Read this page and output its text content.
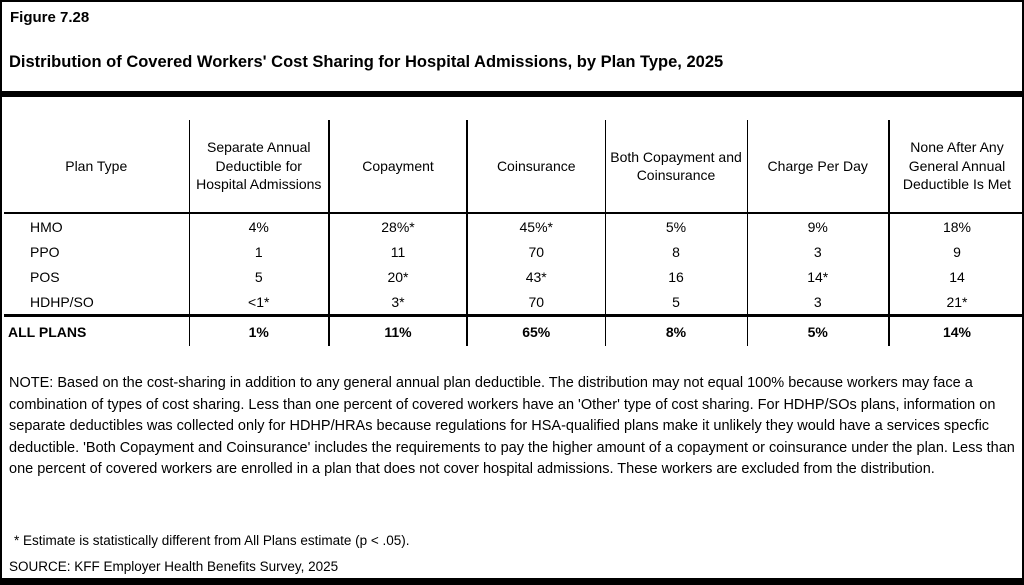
Figure 7.28
Distribution of Covered Workers' Cost Sharing for Hospital Admissions, by Plan Type, 2025
Plan Type	Separate Annual Deductible for Hospital Admissions	Copayment	Coinsurance	Both Copayment and Coinsurance	Charge Per Day	None After Any General Annual Deductible Is Met
HMO	4%	28%*	45%*	5%	9%	18%
PPO	1	11	70	8	3	9
POS	5	20*	43*	16	14*	14
HDHP/SO	<1*	3*	70	5	3	21*
ALL PLANS	1%	11%	65%	8%	5%	14%
NOTE: Based on the cost-sharing in addition to any general annual plan deductible. The distribution may not equal 100% because workers may face a combination of types of cost sharing. Less than one percent of covered workers have an 'Other' type of cost sharing. For HDHP/SOs plans, information on separate deductibles was collected only for HDHP/HRAs because regulations for HSA-qualified plans make it unlikely they would have a services specfic deductible. 'Both Copayment and Coinsurance' includes the requirements to pay the higher amount of a copayment or coinsurance under the plan. Less than one percent of covered workers are enrolled in a plan that does not cover hospital admissions. These workers are excluded from the distribution.
* Estimate is statistically different from All Plans estimate (p < .05).
SOURCE: KFF Employer Health Benefits Survey, 2025
